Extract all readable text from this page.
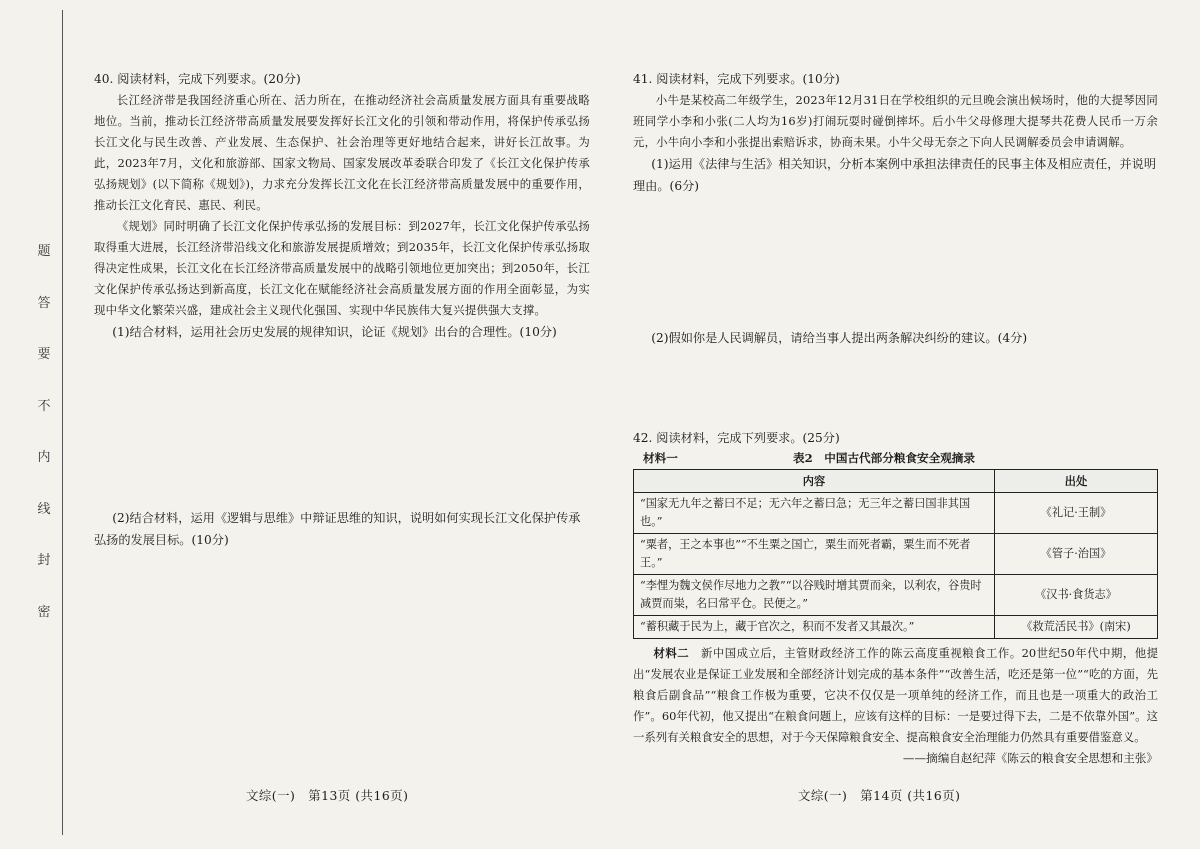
题
答
要
不
内
线
封
密

40. 阅读材料，完成下列要求。(20分)

长江经济带是我国经济重心所在、活力所在，在推动经济社会高质量发展方面具有重要战略地位。当前，推动长江经济带高质量发展要发挥好长江文化的引领和带动作用，将保护传承弘扬长江文化与民生改善、产业发展、生态保护、社会治理等更好地结合起来，讲好长江故事。为此，2023年7月，文化和旅游部、国家文物局、国家发展改革委联合印发了《长江文化保护传承弘扬规划》(以下简称《规划》)，力求充分发挥长江文化在长江经济带高质量发展中的重要作用，推动长江文化育民、惠民、利民。

《规划》同时明确了长江文化保护传承弘扬的发展目标：到2027年，长江文化保护传承弘扬取得重大进展，长江经济带沿线文化和旅游发展提质增效；到2035年，长江文化保护传承弘扬取得决定性成果，长江文化在长江经济带高质量发展中的战略引领地位更加突出；到2050年，长江文化保护传承弘扬达到新高度，长江文化在赋能经济社会高质量发展方面的作用全面彰显，为实现中华文化繁荣兴盛，建成社会主义现代化强国、实现中华民族伟大复兴提供强大支撑。

(1)结合材料，运用社会历史发展的规律知识，论证《规划》出台的合理性。(10分)

(2)结合材料，运用《逻辑与思维》中辩证思维的知识，说明如何实现长江文化保护传承弘扬的发展目标。(10分)

文综(一)　第13页 (共16页)

41. 阅读材料，完成下列要求。(10分)

小牛是某校高二年级学生，2023年12月31日在学校组织的元旦晚会演出候场时，他的大提琴因同班同学小李和小张(二人均为16岁)打闹玩耍时碰倒摔坏。后小牛父母修理大提琴共花费人民币一万余元，小牛向小李和小张提出索赔诉求，协商未果。小牛父母无奈之下向人民调解委员会申请调解。

(1)运用《法律与生活》相关知识，分析本案例中承担法律责任的民事主体及相应责任，并说明理由。(6分)

(2)假如你是人民调解员，请给当事人提出两条解决纠纷的建议。(4分)

42. 阅读材料，完成下列要求。(25分)

材料一	表2　中国古代部分粮食安全观摘录
内容	出处
“国家无九年之蓄曰不足；无六年之蓄曰急；无三年之蓄曰国非其国也。”	《礼记·王制》
“粟者，王之本事也”“不生粟之国亡，粟生而死者霸，粟生而不死者王。”	《管子·治国》
“李悝为魏文侯作尽地力之教”“以谷贱时增其贾而籴，以利农，谷贵时减贾而粜，名曰常平仓。民便之。”	《汉书·食货志》
“蓄积藏于民为上，藏于官次之，积而不发者又其最次。”	《救荒活民书》(南宋)

材料二　 新中国成立后，主管财政经济工作的陈云高度重视粮食工作。20世纪50年代中期，他提出“发展农业是保证工业发展和全部经济计划完成的基本条件”“改善生活，吃还是第一位”“吃的方面，先粮食后副食品”“粮食工作极为重要，它决不仅仅是一项单纯的经济工作，而且也是一项重大的政治工作”。60年代初，他又提出“在粮食问题上，应该有这样的目标：一是要过得下去，二是不依靠外国”。这一系列有关粮食安全的思想，对于今天保障粮食安全、提高粮食安全治理能力仍然具有重要借鉴意义。

——摘编自赵纪萍《陈云的粮食安全思想和主张》

文综(一)　第14页 (共16页)
